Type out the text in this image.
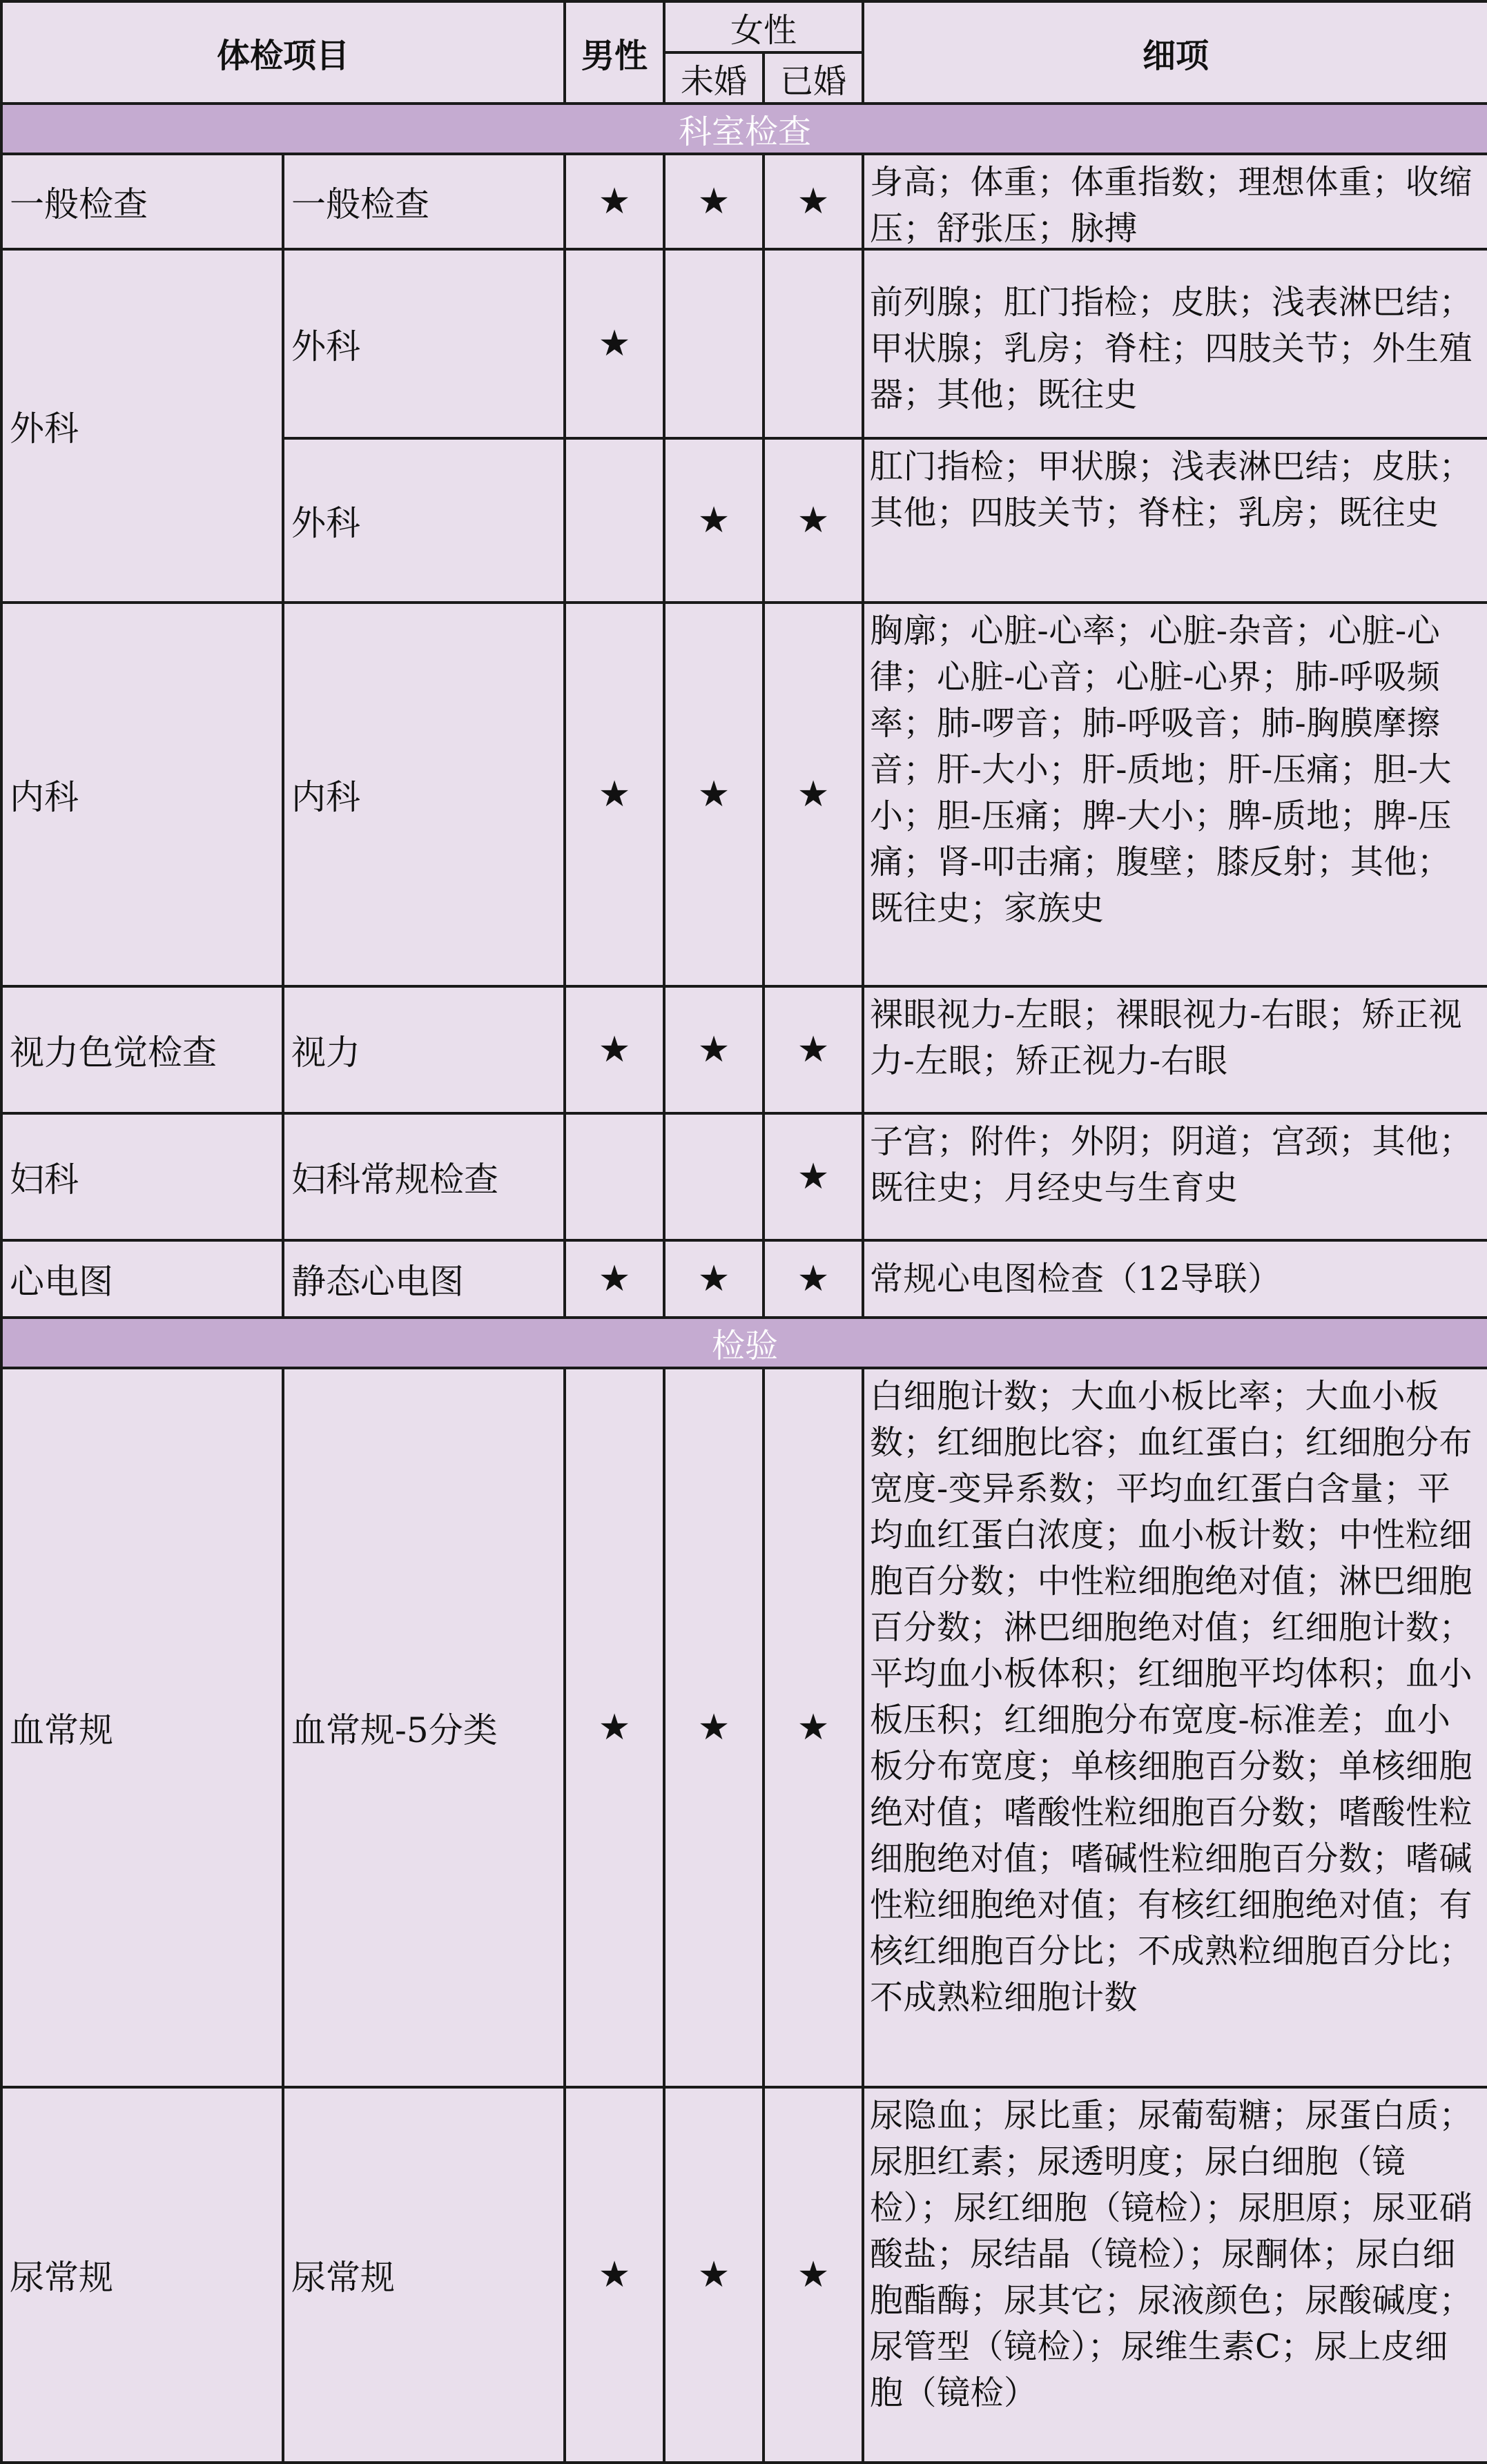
体检项目		男性	女性		细项
			未婚	已婚	
科室检查					
一般检查	一般检查	★	★	★	身高；体重；体重指数；理想体重；收缩压；舒张压；脉搏

外科	外科	★			前列腺；肛门指检；皮肤；浅表淋巴结；甲状腺；乳房；脊柱；四肢关节；外生殖器；其他；既往史

	外科		★	★	肛门指检；甲状腺；浅表淋巴结；皮肤；其他；四肢关节；脊柱；乳房；既往史

内科	内科	★	★	★	胸廓；心脏-心率；心脏-杂音；心脏-心律；心脏-心音；心脏-心界；肺-呼吸频率；肺-啰音；肺-呼吸音；肺-胸膜摩擦音；肝-大小；肝-质地；肝-压痛；胆-大小；胆-压痛；脾-大小；脾-质地；脾-压痛；肾-叩击痛；腹壁；膝反射；其他；既往史；家族史

视力色觉检查	视力	★	★	★	裸眼视力-左眼；裸眼视力-右眼；矫正视力-左眼；矫正视力-右眼

妇科	妇科常规检查			★	子宫；附件；外阴；阴道；宫颈；其他；既往史；月经史与生育史

心电图	静态心电图	★	★	★	常规心电图检查（12导联）

检验					
血常规	血常规-5分类	★	★	★	白细胞计数；大血小板比率；大血小板数；红细胞比容；血红蛋白；红细胞分布宽度-变异系数；平均血红蛋白含量；平均血红蛋白浓度；血小板计数；中性粒细胞百分数；中性粒细胞绝对值；淋巴细胞百分数；淋巴细胞绝对值；红细胞计数；平均血小板体积；红细胞平均体积；血小板压积；红细胞分布宽度-标准差；血小板分布宽度；单核细胞百分数；单核细胞绝对值；嗜酸性粒细胞百分数；嗜酸性粒细胞绝对值；嗜碱性粒细胞百分数；嗜碱性粒细胞绝对值；有核红细胞绝对值；有核红细胞百分比；不成熟粒细胞百分比；不成熟粒细胞计数

尿常规	尿常规	★	★	★	尿隐血；尿比重；尿葡萄糖；尿蛋白质；尿胆红素；尿透明度；尿白细胞（镜检）；尿红细胞（镜检）；尿胆原；尿亚硝酸盐；尿结晶（镜检）；尿酮体；尿白细胞酯酶；尿其它；尿液颜色；尿酸碱度；尿管型（镜检）；尿维生素C；尿上皮细胞（镜检）
